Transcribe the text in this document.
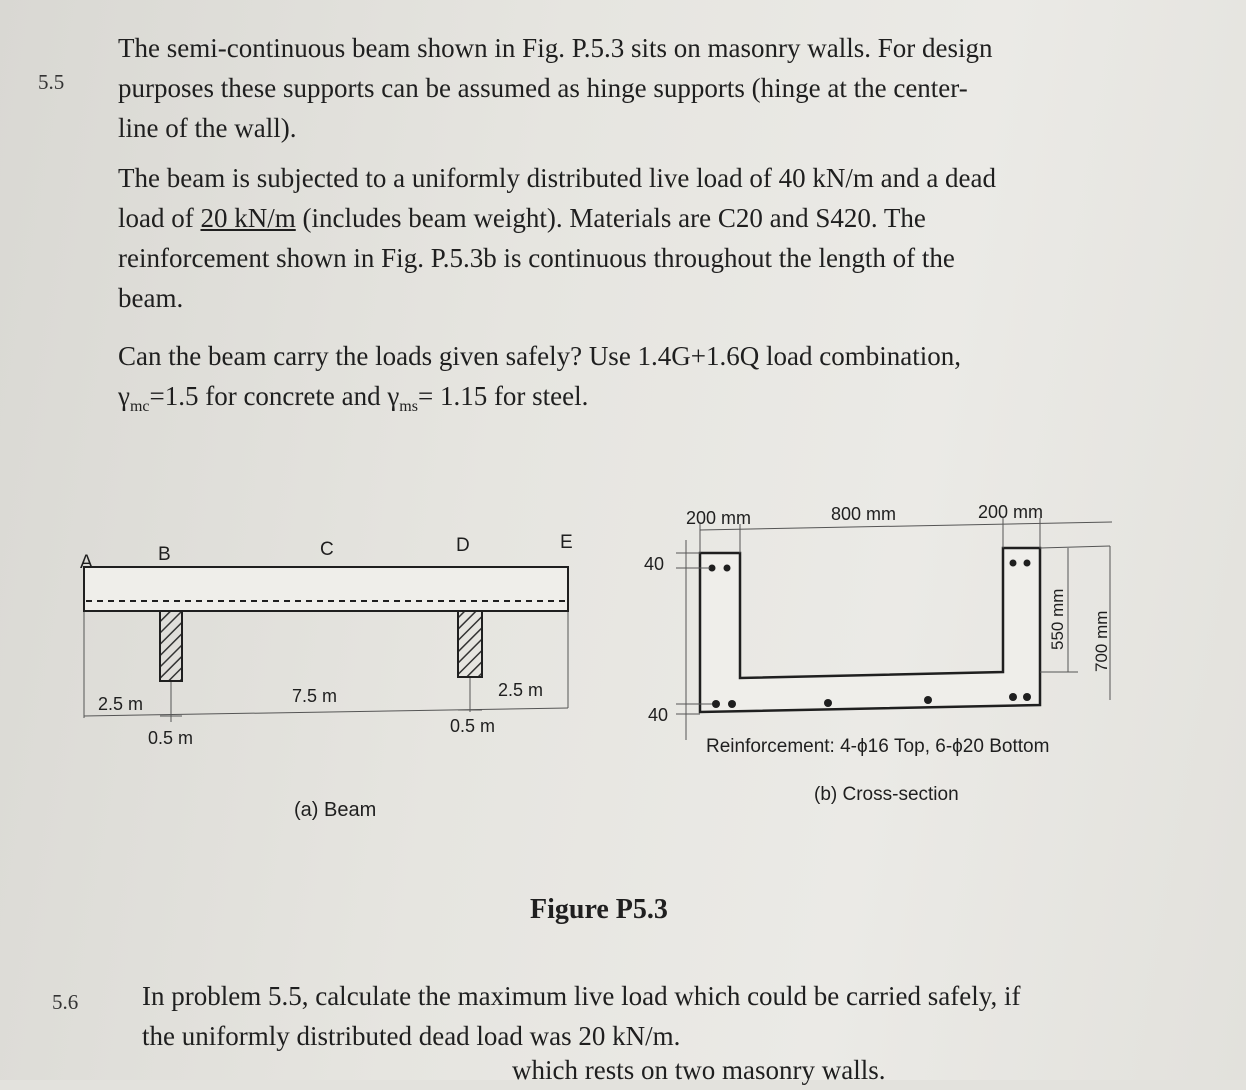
5.5
The semi-continuous beam shown in Fig. P.5.3 sits on masonry walls. For design
purposes these supports can be assumed as hinge supports (hinge at the center-
line of the wall).
The beam is subjected to a uniformly distributed live load of 40 kN/m and a dead
load of 20 kN/m (includes beam weight). Materials are C20 and S420. The
reinforcement shown in Fig. P.5.3b is continuous throughout the length of the
beam.
Can the beam carry the loads given safely? Use 1.4G+1.6Q load combination,
$\gamma_{mc}=1.5$ for concrete and $\gamma_{ms}= 1.15$ for steel.
A	B	C	D	E
2.5 m	7.5 m	2.5 m
0.5 m
0.5 m
(a) Beam
200 mm	800 mm	200 mm
40
40
550 mm 700 mm
Reinforcement: 4-ϕ16 Top, 6-ϕ20 Bottom
(b) Cross-section
Figure P5.3
5.6 In problem 5.5, calculate the maximum live load which could be carried safely, if
the uniformly distributed dead load was 20 kN/m.
which rests on two masonry walls.
